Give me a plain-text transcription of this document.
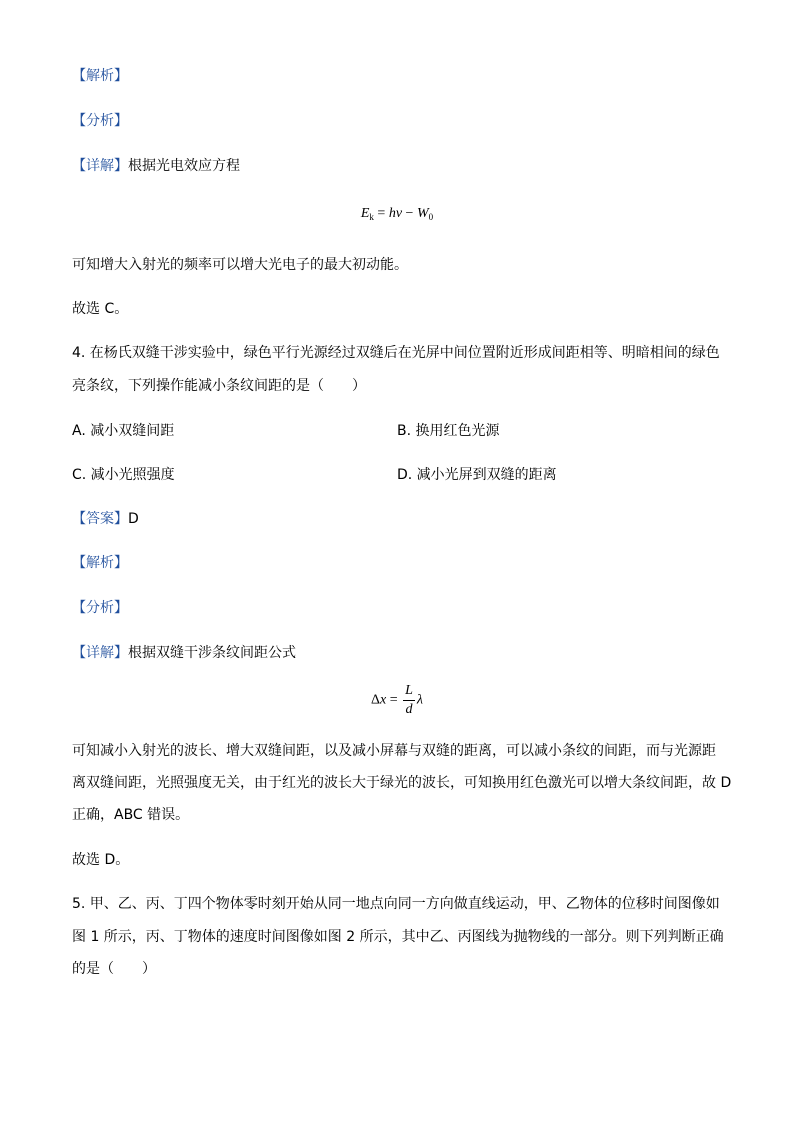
【解析】
【分析】
【详解】根据光电效应方程
$E_k = h\nu - W_0$
可知增大入射光的频率可以增大光电子的最大初动能。
故选 C。
4. 在杨氏双缝干涉实验中，绿色平行光源经过双缝后在光屏中间位置附近形成间距相等、明暗相间的绿色
亮条纹，下列操作能减小条纹间距的是（　　）
A. 减小双缝间距	B. 换用红色光源
C. 减小光照强度	D. 减小光屏到双缝的距离
【答案】D
【解析】
【分析】
【详解】根据双缝干涉条纹间距公式
$\Delta x = \frac{L}{d}$ λ
可知减小入射光的波长、增大双缝间距，以及减小屏幕与双缝的距离，可以减小条纹的间距，而与光源距
离双缝间距，光照强度无关，由于红光的波长大于绿光的波长，可知换用红色激光可以增大条纹间距，故 D
正确，ABC 错误。
故选 D。
5. 甲、乙、丙、丁四个物体零时刻开始从同一地点向同一方向做直线运动，甲、乙物体的位移时间图像如
图 1 所示，丙、丁物体的速度时间图像如图 2 所示，其中乙、丙图线为抛物线的一部分。则下列判断正确
的是（　　）
